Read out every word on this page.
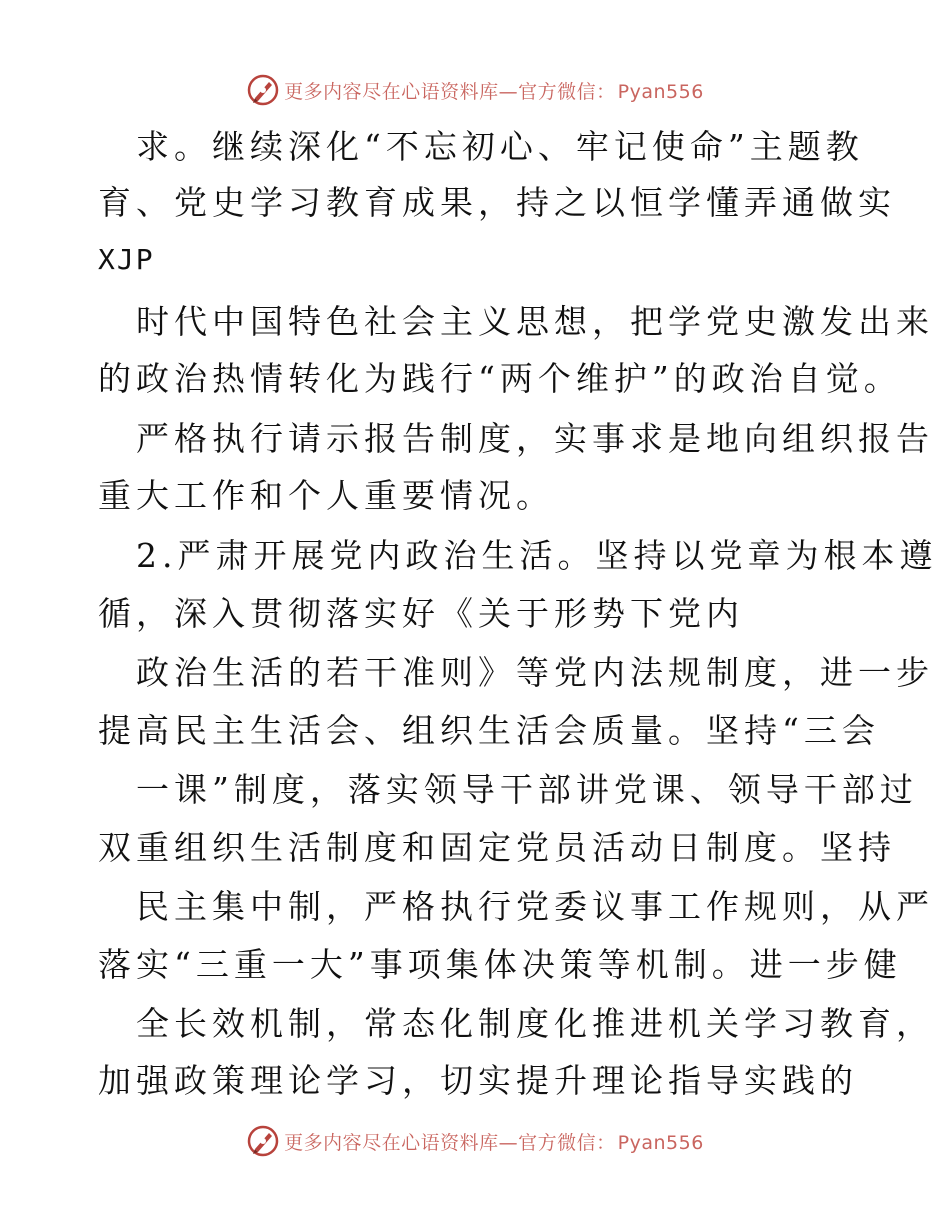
更多内容尽在心语资料库—官方微信： Pyan556
求。继续深化“不忘初心、牢记使命”主题教
育、党史学习教育成果，持之以恒学懂弄通做实
XJP
时代中国特色社会主义思想，把学党史激发出来
的政治热情转化为践行“两个维护”的政治自觉。
严格执行请示报告制度，实事求是地向组织报告
重大工作和个人重要情况。
2.严肃开展党内政治生活。坚持以党章为根本遵
循，深入贯彻落实好《关于形势下党内
政治生活的若干准则》等党内法规制度，进一步
提高民主生活会、组织生活会质量。坚持“三会
一课”制度，落实领导干部讲党课、领导干部过
双重组织生活制度和固定党员活动日制度。坚持
民主集中制，严格执行党委议事工作规则，从严
落实“三重一大”事项集体决策等机制。进一步健
全长效机制，常态化制度化推进机关学习教育，
加强政策理论学习，切实提升理论指导实践的
更多内容尽在心语资料库—官方微信： Pyan556
